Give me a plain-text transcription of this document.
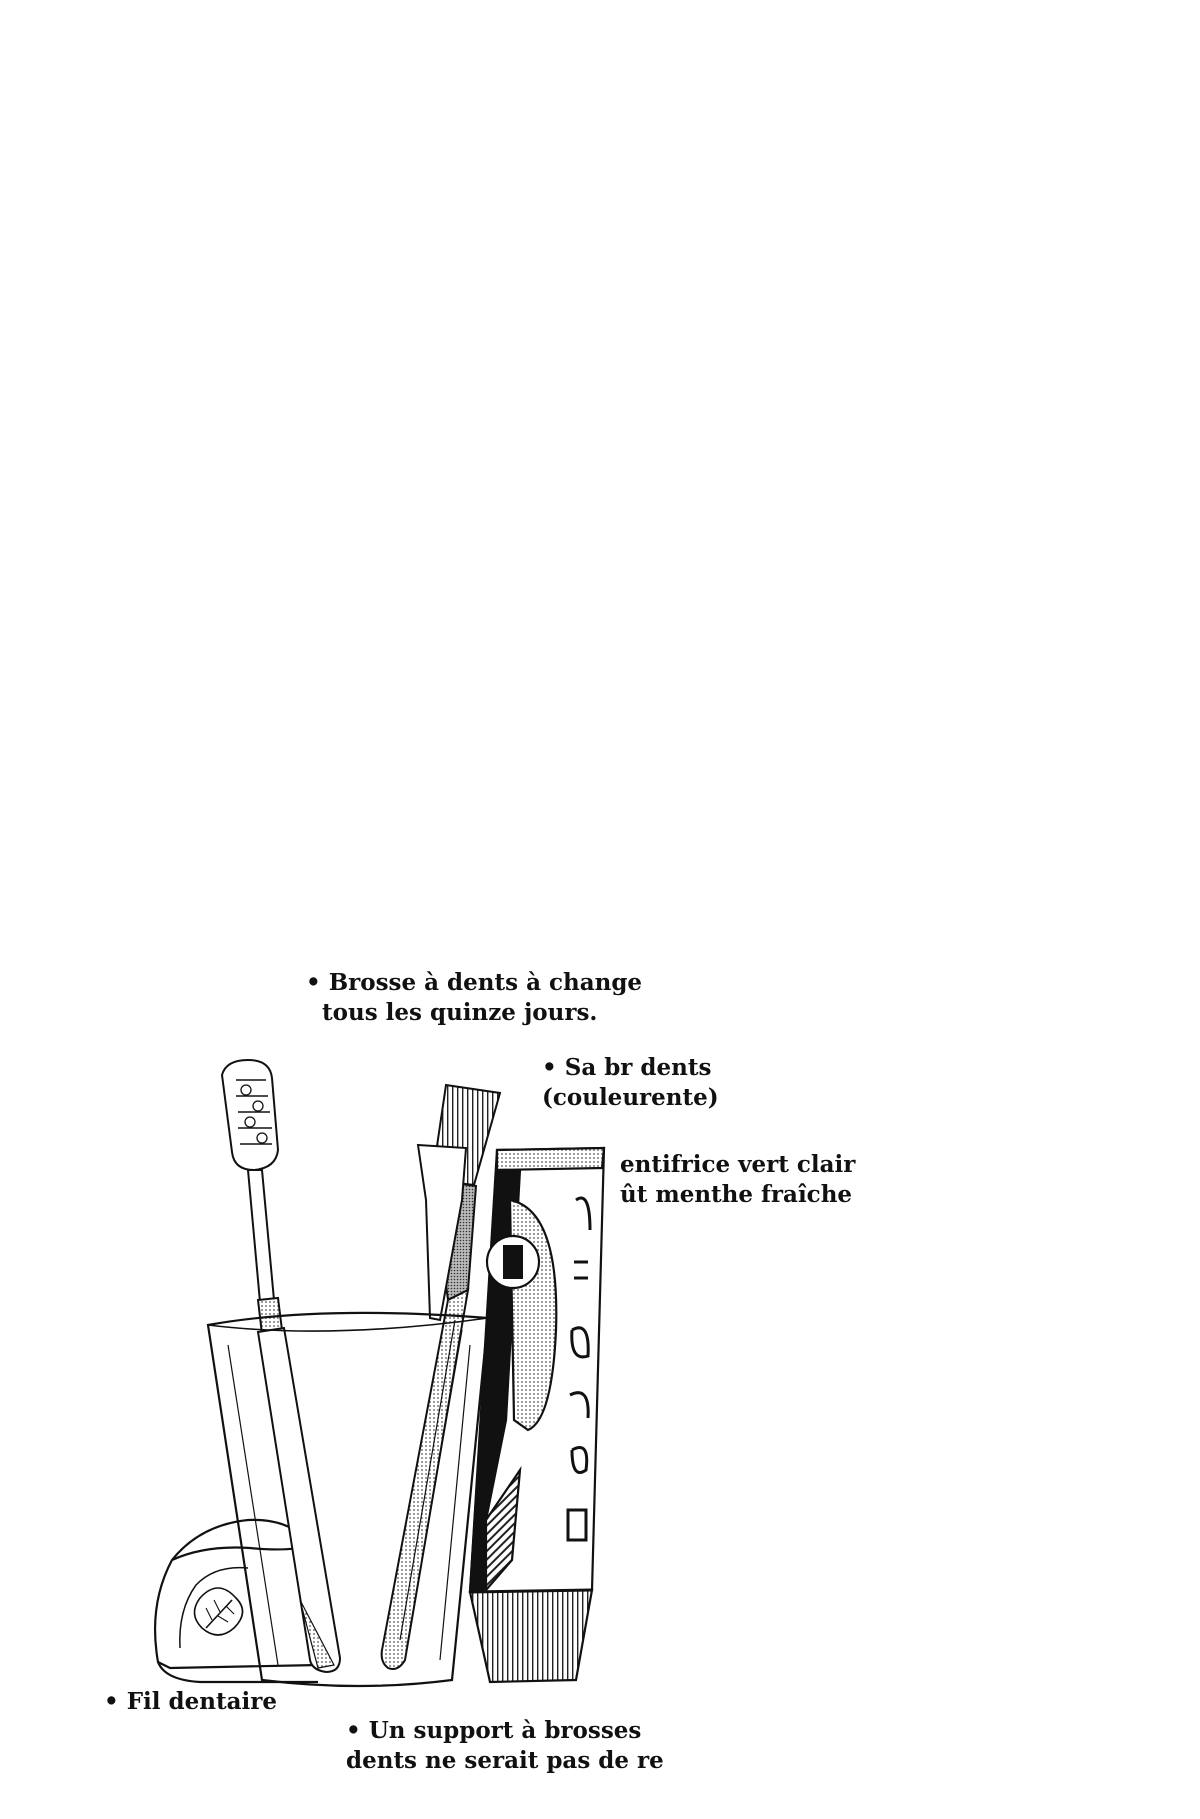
• Brosse à dents à change
tous les quinze jours.

• Sa br dents
(couleurente)

entifrice vert clair
ût menthe fraîche

• Fil dentaire

• Un support à brosses
dents ne serait pas de re
